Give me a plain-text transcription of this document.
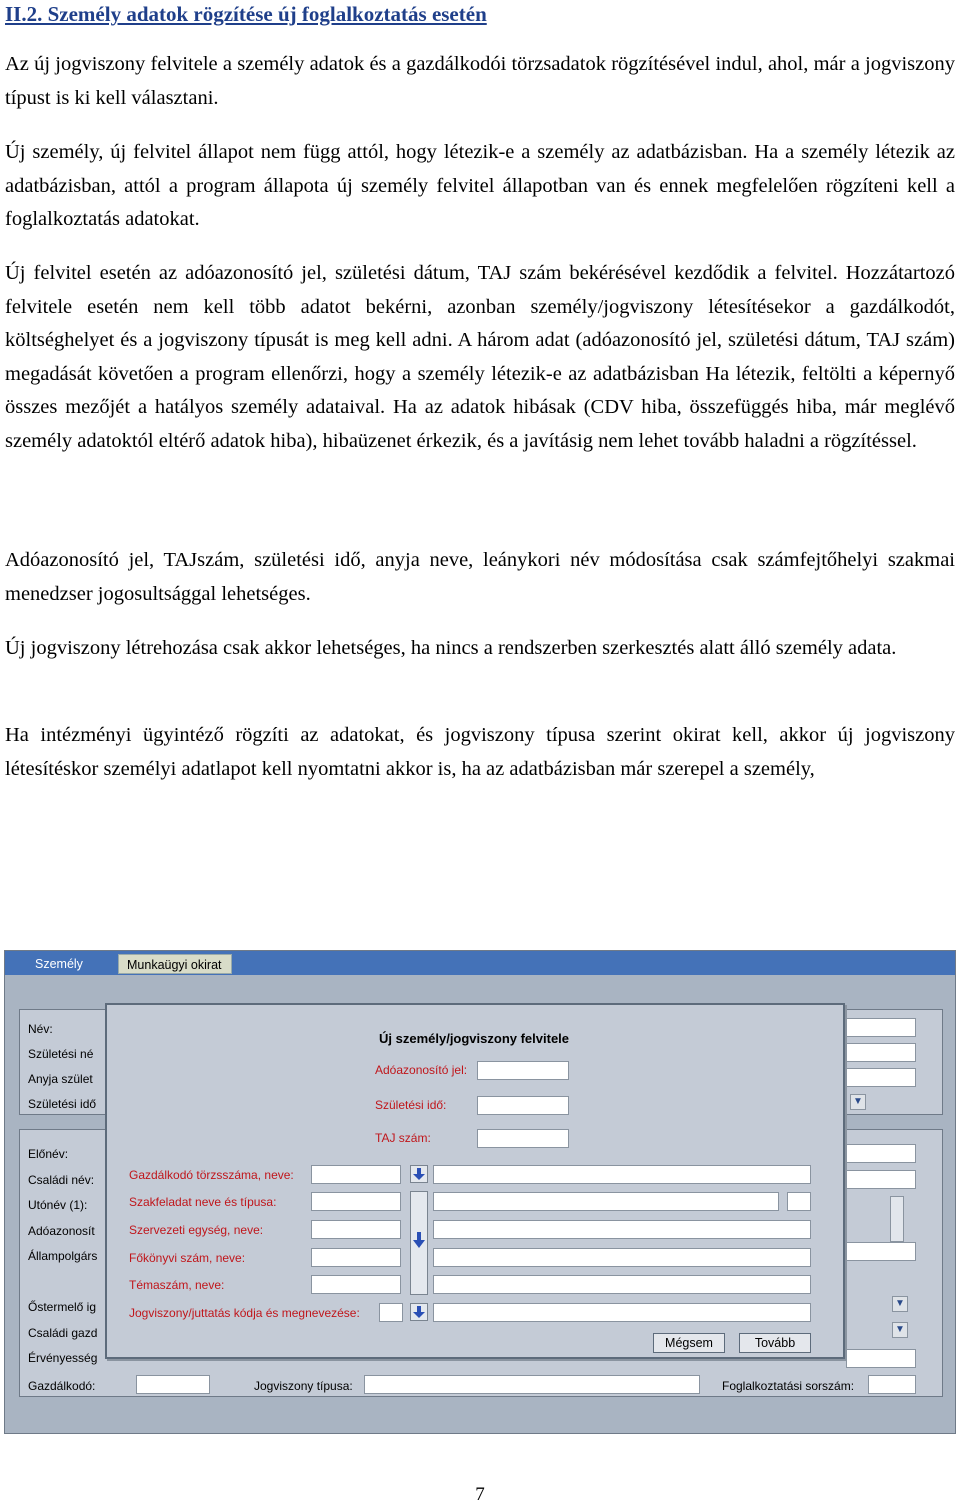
II.2. Személy adatok rögzítése új foglalkoztatás esetén

Az új jogviszony felvitele a személy adatok és a gazdálkodói törzsadatok rögzítésével indul, ahol, már a jogviszony típust is ki kell választani.

Új személy, új felvitel állapot nem függ attól, hogy létezik-e a személy az adatbázisban. Ha a személy létezik az adatbázisban, attól a program állapota új személy felvitel állapotban van és ennek megfelelően rögzíteni kell a foglalkoztatás adatokat.

Új felvitel esetén az adóazonosító jel, születési dátum, TAJ szám bekérésével kezdődik a felvitel. Hozzátartozó felvitele esetén nem kell több adatot bekérni, azonban személy/jogviszony létesítésekor a gazdálkodót, költséghelyet és a jogviszony típusát is meg kell adni. A három adat (adóazonosító jel, születési dátum, TAJ szám) megadását követően a program ellenőrzi, hogy a személy létezik-e az adatbázisban Ha létezik, feltölti a képernyő összes mezőjét a hatályos személy adataival. Ha az adatok hibásak (CDV hiba, összefüggés hiba, már meglévő személy adatoktól eltérő adatok hiba), hibaüzenet érkezik, és a javításig nem lehet tovább haladni a rögzítéssel.

Adóazonosító jel, TAJszám, születési idő, anyja neve, leánykori név módosítása csak számfejtőhelyi szakmai menedzser jogosultsággal lehetséges.

Új jogviszony létrehozása csak akkor lehetséges, ha nincs a rendszerben szerkesztés alatt álló személy adata.

Ha intézményi ügyintéző rögzíti az adatokat, és jogviszony típusa szerint okirat kell, akkor új jogviszony létesítéskor személyi adatlapot kell nyomtatni akkor is, ha az adatbázisban már szerepel a személy,

Személy	Munkaügyi okirat
Név:
Születési né
Anyja szület
Születési idő	▼
Előnév:
Családi név:
Utónév (1):
Adóazonosít
Állampolgárs
Őstermelő ig
Családi gazd
Érvényesség
▼
▼
Gazdálkodó:	Jogviszony típusa:	Foglalkoztatási sorszám:
Új személy/jogviszony felvitele
Adóazonosító jel:
Születési idő:
TAJ szám:
Gazdálkodó törzsszáma, neve:
Szakfeladat neve és típusa:
Szervezeti egység, neve:
Főkönyvi szám, neve:
Témaszám, neve:
Jogviszony/juttatás kódja és megnevezése:
Mégsem	Tovább
7
